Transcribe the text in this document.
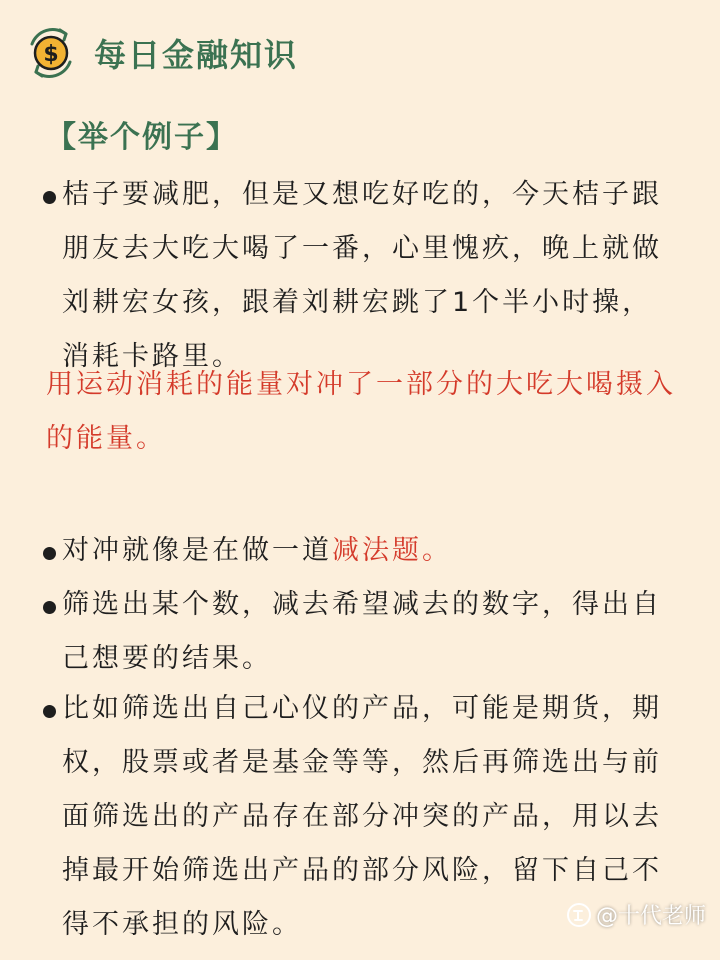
$ 每日金融知识
【举个例子】
桔子要减肥，但是又想吃好吃的，今天桔子跟朋友去大吃大喝了一番，心里愧疚，晚上就做刘耕宏女孩，跟着刘耕宏跳了1个半小时操，消耗卡路里。
用运动消耗的能量对冲了一部分的大吃大喝摄入的能量。
对冲就像是在做一道减法题。
筛选出某个数，减去希望减去的数字，得出自己想要的结果。
比如筛选出自己心仪的产品，可能是期货，期权，股票或者是基金等等，然后再筛选出与前面筛选出的产品存在部分冲突的产品，用以去掉最开始筛选出产品的部分风险，留下自己不得不承担的风险。	@十代老师
